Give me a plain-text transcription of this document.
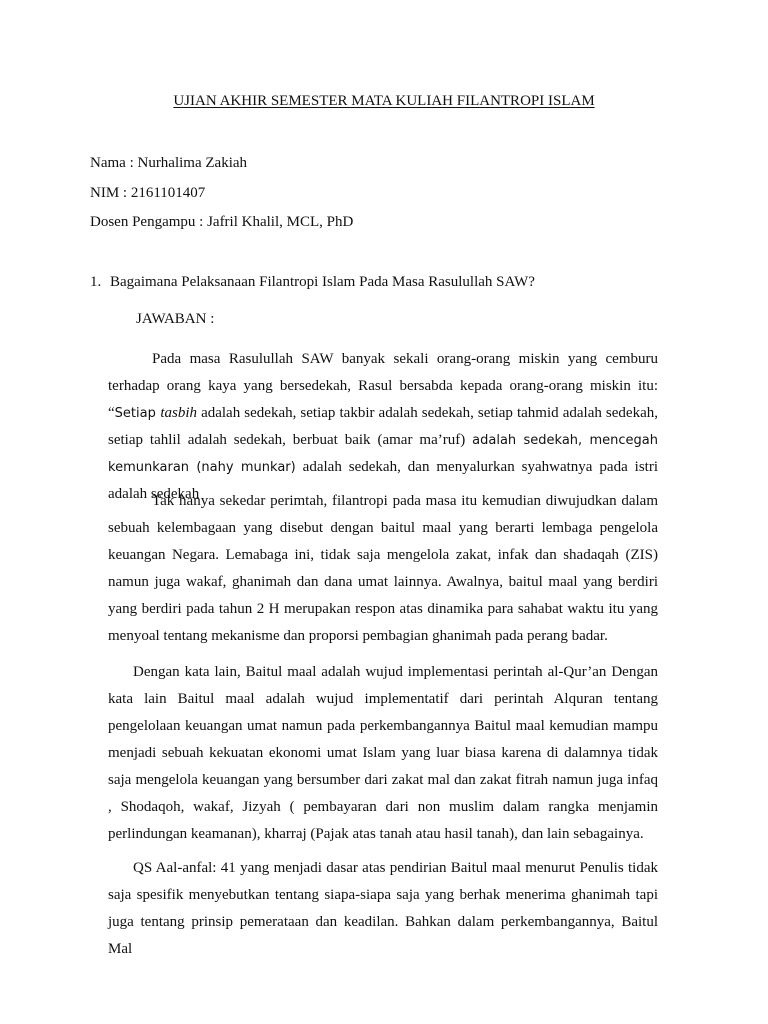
UJIAN AKHIR SEMESTER MATA KULIAH FILANTROPI ISLAM
Nama : Nurhalima Zakiah
NIM : 2161101407
Dosen Pengampu : Jafril Khalil, MCL, PhD
1. Bagaimana Pelaksanaan Filantropi Islam Pada Masa Rasulullah SAW?
JAWABAN :
Pada masa Rasulullah SAW banyak sekali orang-orang miskin yang cemburu terhadap orang kaya yang bersedekah, Rasul bersabda kepada orang-orang miskin itu: “Setiap tasbih adalah sedekah, setiap takbir adalah sedekah, setiap tahmid adalah sedekah, setiap tahlil adalah sedekah, berbuat baik (amar ma’ruf) adalah sedekah, mencegah kemunkaran (nahy munkar) adalah sedekah, dan menyalurkan syahwatnya pada istri adalah sedekah
Tak hanya sekedar perimtah, filantropi pada masa itu kemudian diwujudkan dalam sebuah kelembagaan yang disebut dengan baitul maal yang berarti lembaga pengelola keuangan Negara. Lemabaga ini, tidak saja mengelola zakat, infak dan shadaqah (ZIS) namun juga wakaf, ghanimah dan dana umat lainnya. Awalnya, baitul maal yang berdiri yang berdiri pada tahun 2 H merupakan respon atas dinamika para sahabat waktu itu yang menyoal tentang mekanisme dan proporsi pembagian ghanimah pada perang badar.
Dengan kata lain, Baitul maal adalah wujud implementasi perintah al-Qur’an Dengan kata lain Baitul maal adalah wujud implementatif dari perintah Alquran tentang pengelolaan keuangan umat namun pada perkembangannya Baitul maal kemudian mampu menjadi sebuah kekuatan ekonomi umat Islam yang luar biasa karena di dalamnya tidak saja mengelola keuangan yang bersumber dari zakat mal dan zakat fitrah namun juga infaq , Shodaqoh, wakaf, Jizyah ( pembayaran dari non muslim dalam rangka menjamin perlindungan keamanan), kharraj (Pajak atas tanah atau hasil tanah), dan lain sebagainya.
QS Aal-anfal: 41 yang menjadi dasar atas pendirian Baitul maal menurut Penulis tidak saja spesifik menyebutkan tentang siapa-siapa saja yang berhak menerima ghanimah tapi juga tentang prinsip pemerataan dan keadilan. Bahkan dalam perkembangannya, Baitul Mal
